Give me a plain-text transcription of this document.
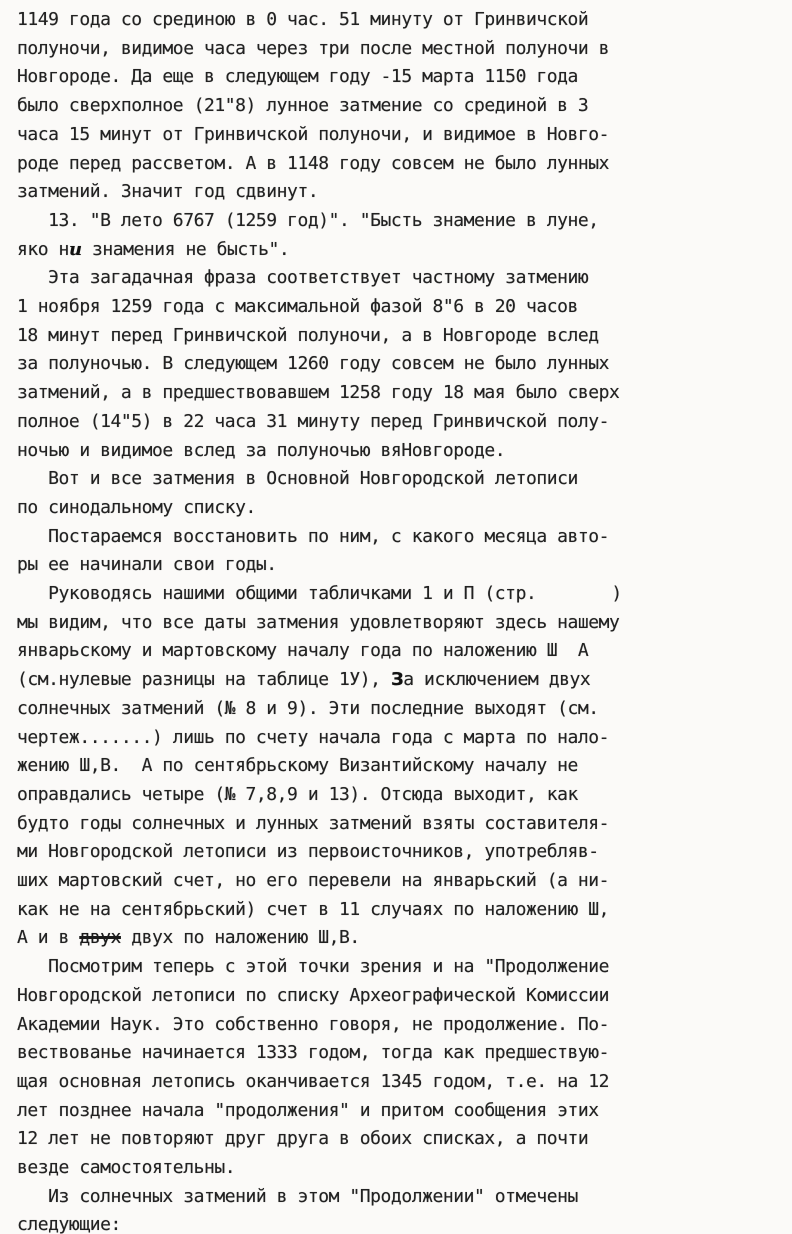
1149 года со срединою в 0 час. 51 минуту от Гринвичской
полуночи, видимое часа через три после местной полуночи в
Новгороде. Да еще в следующем году -15 марта 1150 года
было сверхполное (21"8) лунное затмение со срединой в 3
часа 15 минут от Гринвичской полуночи, и видимое в Новго-
роде перед рассветом. А в 1148 году совсем не было лунных
затмений. Значит год сдвинут.
13. "В лето 6767 (1259 год)". "Бысть знамение в луне,
яко ни знамения не бысть".
Эта загадачная фраза соответствует частному затмению
1 ноября 1259 года с максимальной фазой 8"6 в 20 часов
18 минут перед Гринвичской полуночи, а в Новгороде вслед
за полуночью. В следующем 1260 году совсем не было лунных
затмений, а в предшествовавшем 1258 году 18 мая было сверх
полное (14"5) в 22 часа 31 минуту перед Гринвичской полу-
ночью и видимое вслед за полуночью вяНовгороде.
Вот и все затмения в Основной Новгородской летописи
по синодальному списку.
Постараемся восстановить по ним, с какого месяца авто-
ры ее начинали свои годы.
Руководясь нашими общими табличками 1 и П (стр.	)
мы видим, что все даты затмения удовлетворяют здесь нашему
январьскому и мартовскому началу года по наложению Ш  А
(см.нулевые разницы на таблице 1У), За исключением двух
солнечных затмений (№ 8 и 9). Эти последние выходят (см.
чертеж.......) лишь по счету начала года с марта по нало-
жению Ш,В.  А по сентябрьскому Византийскому началу не
оправдались четыре (№ 7,8,9 и 13). Отсюда выходит, как
будто годы солнечных и лунных затмений взяты составителя-
ми Новгородской летописи из первоисточников, употребляв-
ших мартовский счет, но его перевели на январьский (а ни-
как не на сентябрьский) счет в 11 случаях по наложению Ш,
А и в двух двух по наложению Ш,В.
Посмотрим теперь с этой точки зрения и на "Продолжение
Новгородской летописи по списку Археографической Комиссии
Академии Наук. Это собственно говоря, не продолжение. По-
вествованье начинается 1333 годом, тогда как предшествую-
щая основная летопись оканчивается 1345 годом, т.е. на 12
лет позднее начала "продолжения" и притом сообщения этих
12 лет не повторяют друг друга в обоих списках, а почти
везде самостоятельны.
Из солнечных затмений в этом "Продолжении" отмечены
следующие:
